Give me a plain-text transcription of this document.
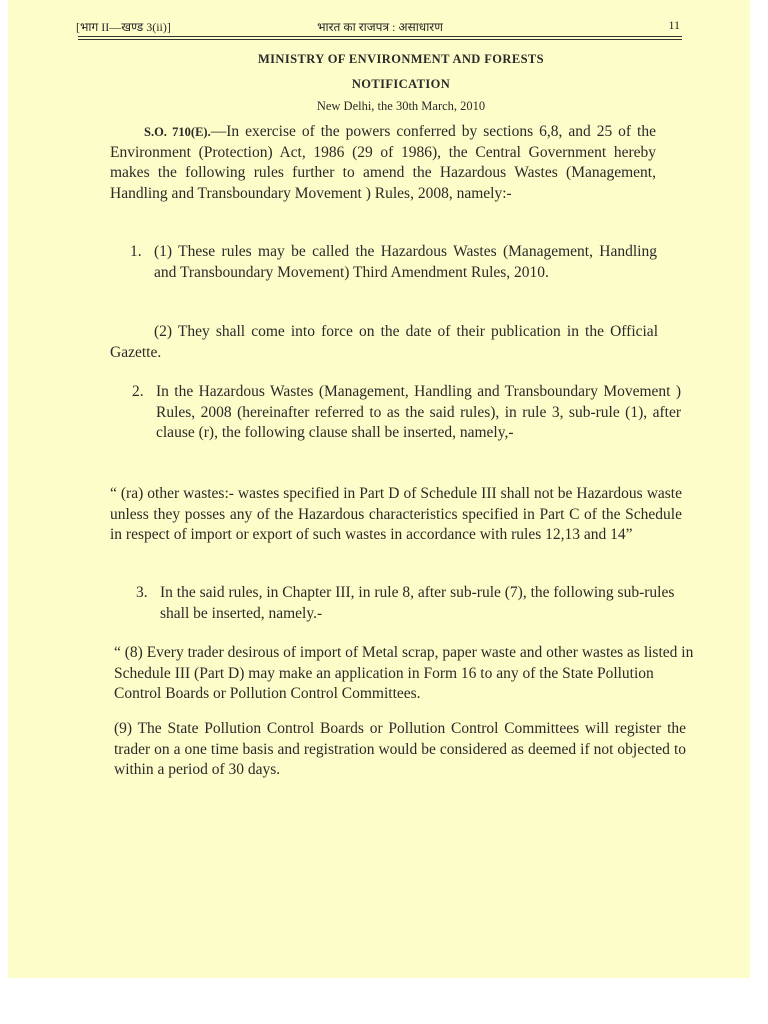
[भाग II—खण्ड 3(ii)]	भारत का राजपत्र : असाधारण	11
MINISTRY OF ENVIRONMENT AND FORESTS
NOTIFICATION
New Delhi, the 30th March, 2010
S.O. 710(E).—In exercise of the powers conferred by sections 6,8, and 25 of the Environment (Protection) Act, 1986 (29 of 1986), the Central Government hereby makes the following rules further to amend the Hazardous Wastes (Management, Handling and Transboundary Movement ) Rules, 2008, namely:-
1. (1) These rules may be called the Hazardous Wastes (Management, Handling and Transboundary Movement) Third Amendment Rules, 2010.
(2) They shall come into force on the date of their publication in the Official Gazette.
2. In the Hazardous Wastes (Management, Handling and Transboundary Movement ) Rules, 2008 (hereinafter referred to as the said rules), in rule 3, sub-rule (1), after clause (r), the following clause shall be inserted, namely,-
“ (ra) other wastes:- wastes specified in Part D of Schedule III shall not be Hazardous waste unless they posses any of the Hazardous characteristics specified in Part C of the Schedule in respect of import or export of such wastes in accordance with rules 12,13 and 14”
3. In the said rules, in Chapter III, in rule 8, after sub-rule (7), the following sub-rules shall be inserted, namely.-
“ (8) Every trader desirous of import of Metal scrap, paper waste and other wastes as listed in Schedule III (Part D) may make an application in Form 16 to any of the State Pollution Control Boards or Pollution Control Committees.
(9) The State Pollution Control Boards or Pollution Control Committees will register the trader on a one time basis and registration would be considered as deemed if not objected to within a period of 30 days.
